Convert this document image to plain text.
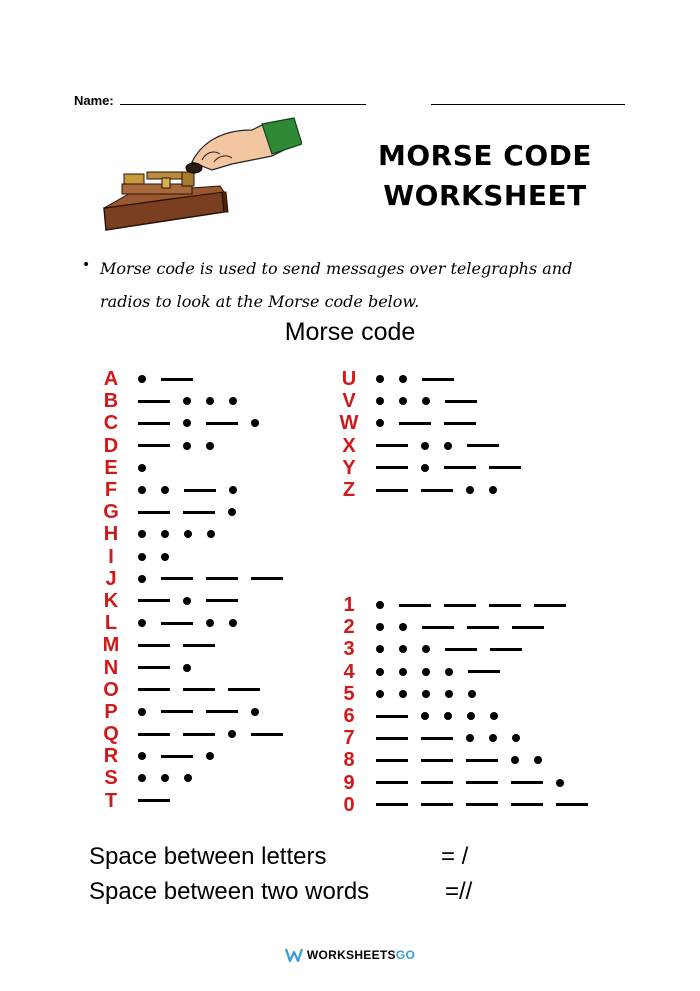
Name:
MORSE CODE
WORKSHEET
• Morse code is used to send messages over telegraphs and radios to look at the Morse code below.
Morse code
A
B
C
D
E
F
G
H
I
J
K
L
M
N
O
P
Q
R
S
T
U
V
W
X
Y
Z
1
2
3
4
5
6
7
8
9
0
Space between letters	= /
Space between two words	=//
WORKSHEETS GO
